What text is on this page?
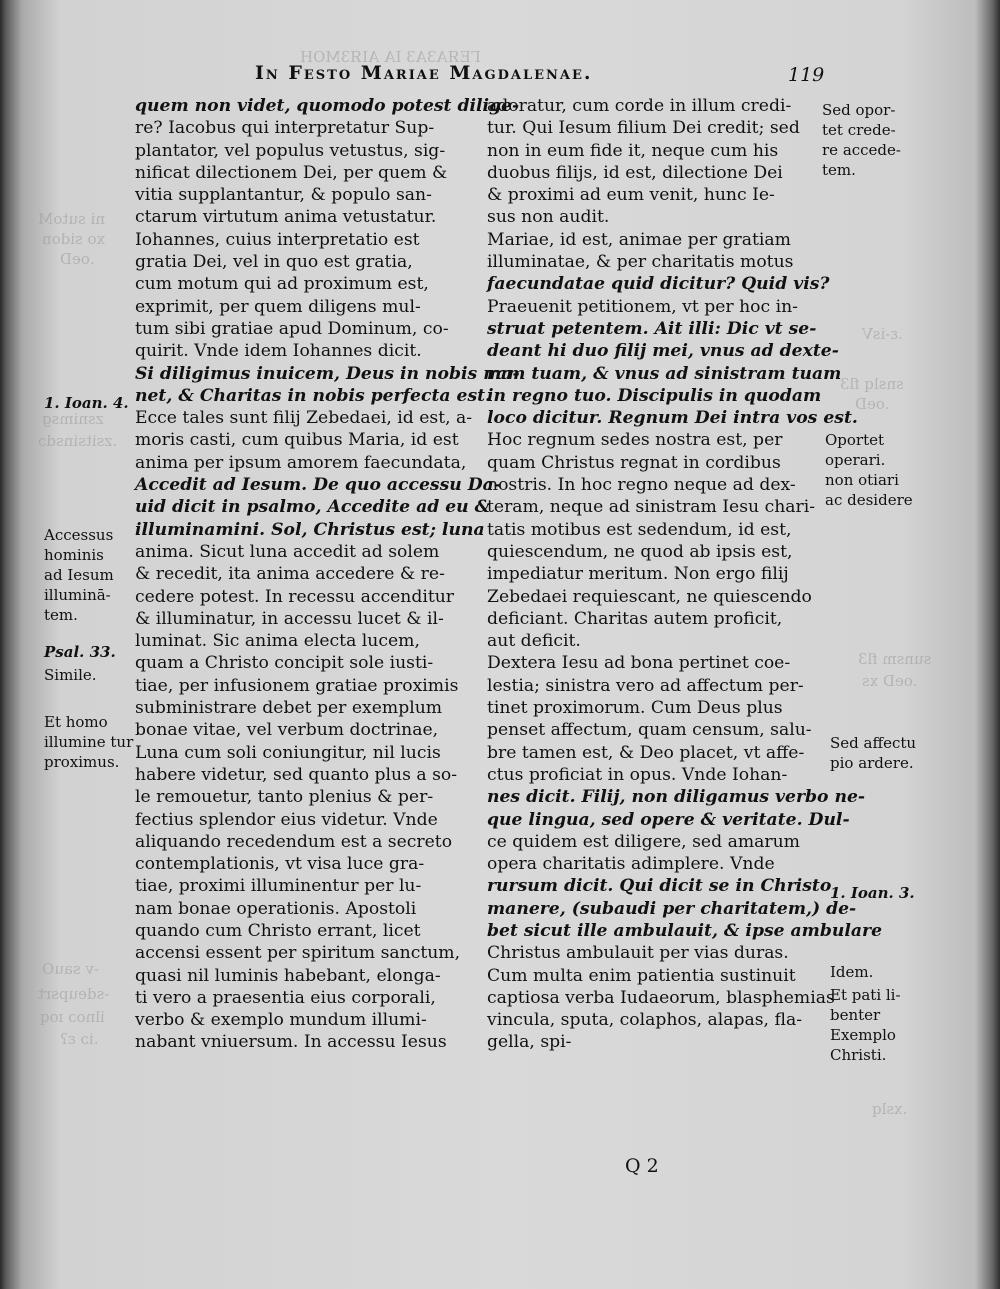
ГЕЯАЗАЗ ІА АІЯЗМОН
ni sutoM
xo sidon
.oeD
zsnimsg
.zsitsinsdɔ
.ɛ-isV
snslq fl3
.oeD
sunsm fl3
.oeD xs
-v sauO
-sdeupsrt
ilnoɔ ɪoq
.iɔ ɛʔ
.xslq
In Festo Mariae Magdalenae.	119
quem non videt, quomodo potest dilige-
re? Iacobus qui interpretatur Sup-
plantator, vel populus vetustus, sig-
nificat dilectionem Dei, per quem &
vitia supplantantur, & populo san-
ctarum virtutum anima vetustatur.
Iohannes, cuius interpretatio est
gratia Dei, vel in quo est gratia,
cum motum qui ad proximum est,
exprimit, per quem diligens mul-
tum sibi gratiae apud Dominum, co-
quirit. Vnde idem Iohannes dicit.
Si diligimus inuicem, Deus in nobis ma-
net, & Charitas in nobis perfecta est.
Ecce tales sunt filij Zebedaei, id est, a-
moris casti, cum quibus Maria, id est
anima per ipsum amorem faecundata,
Accedit ad Iesum. De quo accessu Da-
uid dicit in psalmo, Accedite ad eu &
illuminamini. Sol, Christus est; luna
anima. Sicut luna accedit ad solem
& recedit, ita anima accedere & re-
cedere potest. In recessu accenditur
& illuminatur, in accessu lucet & il-
luminat. Sic anima electa lucem,
quam a Christo concipit sole iusti-
tiae, per infusionem gratiae proximis
subministrare debet per exemplum
bonae vitae, vel verbum doctrinae,
Luna cum soli coniungitur, nil lucis
habere videtur, sed quanto plus a so-
le remouetur, tanto plenius & per-
fectius splendor eius videtur. Vnde
aliquando recedendum est a secreto
contemplationis, vt visa luce gra-
tiae, proximi illuminentur per lu-
nam bonae operationis. Apostoli
quando cum Christo errant, licet
accensi essent per spiritum sanctum,
quasi nil luminis habebant, elonga-
ti vero a praesentia eius corporali,
verbo & exemplo mundum illumi-
nabant vniuersum. In accessu Iesus
adoratur, cum corde in illum credi-
tur. Qui Iesum filium Dei credit; sed
non in eum fide it, neque cum his
duobus filijs, id est, dilectione Dei
& proximi ad eum venit, hunc Ie-
sus non audit.
Mariae, id est, animae per gratiam
illuminatae, & per charitatis motus
faecundatae quid dicitur? Quid vis?
Praeuenit petitionem, vt per hoc in-
struat petentem. Ait illi: Dic vt se-
deant hi duo filij mei, vnus ad dexte-
ram tuam, & vnus ad sinistram tuam
in regno tuo. Discipulis in quodam
loco dicitur. Regnum Dei intra vos est.
Hoc regnum sedes nostra est, per
quam Christus regnat in cordibus
nostris. In hoc regno neque ad dex-
teram, neque ad sinistram Iesu chari-
tatis motibus est sedendum, id est,
quiescendum, ne quod ab ipsis est,
impediatur meritum. Non ergo filij
Zebedaei requiescant, ne quiescendo
deficiant. Charitas autem proficit,
aut deficit.
Dextera Iesu ad bona pertinet coe-
lestia; sinistra vero ad affectum per-
tinet proximorum. Cum Deus plus
penset affectum, quam censum, salu-
bre tamen est, & Deo placet, vt affe-
ctus proficiat in opus. Vnde Iohan-
nes dicit. Filij, non diligamus verbo ne-
que lingua, sed opere & veritate. Dul-
ce quidem est diligere, sed amarum
opera charitatis adimplere. Vnde
rursum dicit. Qui dicit se in Christo
manere, (subaudi per charitatem,) de-
bet sicut ille ambulauit, & ipse ambulare
Christus ambulauit per vias duras.
Cum multa enim patientia sustinuit
captiosa verba Iudaeorum, blasphemias
vincula, sputa, colaphos, alapas, fla-
gella, spi-
1. Ioan. 4.
Accessus
hominis
ad Iesum
illuminā-
tem.
Psal. 33.
Simile.
Et homo
illumine tur
proximus.
Sed opor-
tet crede-
re accede-
tem.
Oportet
operari.
non otiari
ac desidere
Sed affectu
pio ardere.
1. Ioan. 3.
Idem.
Et pati li-
benter
Exemplo
Christi.
Q 2
